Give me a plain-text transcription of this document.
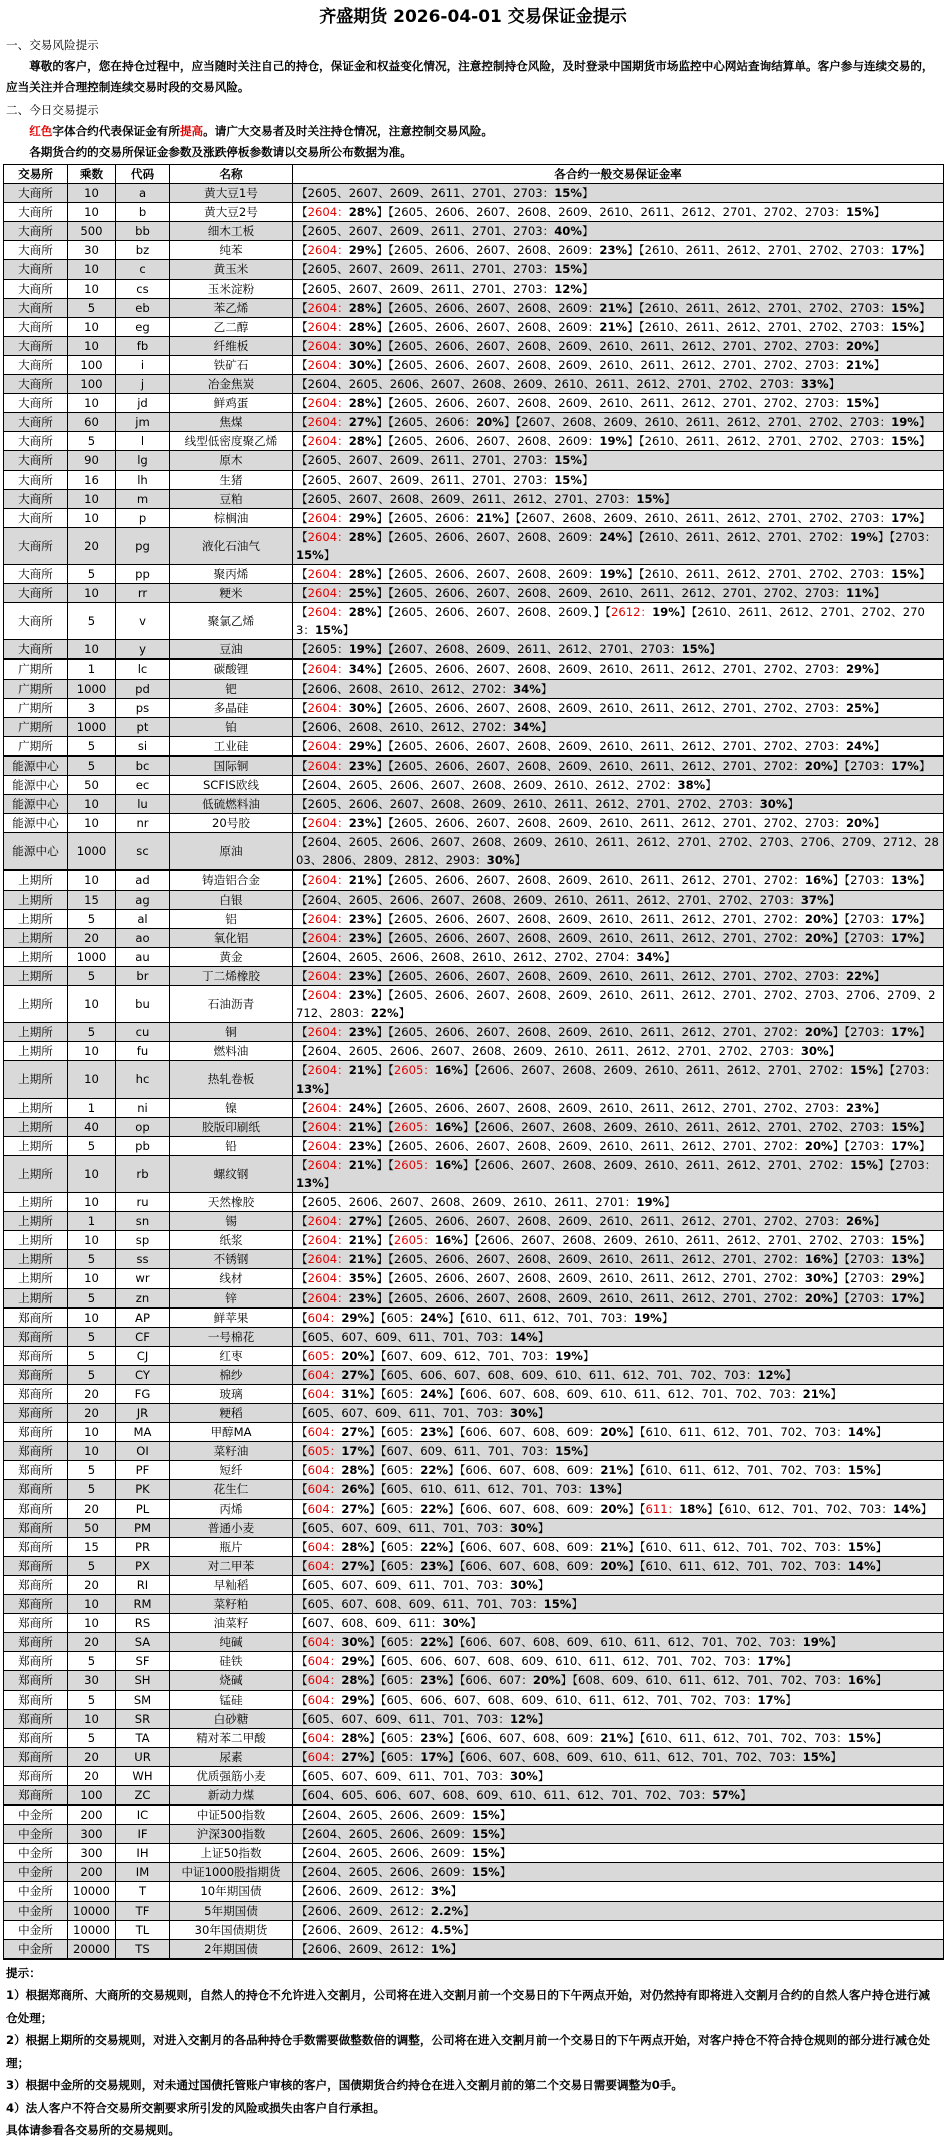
齐盛期货 2026-04-01 交易保证金提示
一、交易风险提示
尊敬的客户，您在持仓过程中，应当随时关注自己的持仓，保证金和权益变化情况，注意控制持仓风险，及时登录中国期货市场监控中心网站查询结算单。客户参与连续交易的，应当关注并合理控制连续交易时段的交易风险。
二、今日交易提示
红色字体合约代表保证金有所提高。请广大交易者及时关注持仓情况，注意控制交易风险。
各期货合约的交易所保证金参数及涨跌停板参数请以交易所公布数据为准。
交易所	乘数	代码	名称	各合约一般交易保证金率
大商所	10	a	黄大豆1号	【2605、2607、2609、2611、2701、2703：15%】
大商所	10	b	黄大豆2号	【2604：28%】【2605、2606、2607、2608、2609、2610、2611、2612、2701、2702、2703：15%】
大商所	500	bb	细木工板	【2605、2607、2609、2611、2701、2703：40%】
大商所	30	bz	纯苯	【2604：29%】【2605、2606、2607、2608、2609：23%】【2610、2611、2612、2701、2702、2703：17%】
大商所	10	c	黄玉米	【2605、2607、2609、2611、2701、2703：15%】
大商所	10	cs	玉米淀粉	【2605、2607、2609、2611、2701、2703：12%】
大商所	5	eb	苯乙烯	【2604：28%】【2605、2606、2607、2608、2609：21%】【2610、2611、2612、2701、2702、2703：15%】
大商所	10	eg	乙二醇	【2604：28%】【2605、2606、2607、2608、2609：21%】【2610、2611、2612、2701、2702、2703：15%】
大商所	10	fb	纤维板	【2604：30%】【2605、2606、2607、2608、2609、2610、2611、2612、2701、2702、2703：20%】
大商所	100	i	铁矿石	【2604：30%】【2605、2606、2607、2608、2609、2610、2611、2612、2701、2702、2703：21%】
大商所	100	j	冶金焦炭	【2604、2605、2606、2607、2608、2609、2610、2611、2612、2701、2702、2703：33%】
大商所	10	jd	鲜鸡蛋	【2604：28%】【2605、2606、2607、2608、2609、2610、2611、2612、2701、2702、2703：15%】
大商所	60	jm	焦煤	【2604：27%】【2605、2606：20%】【2607、2608、2609、2610、2611、2612、2701、2702、2703：19%】
大商所	5	l	线型低密度聚乙烯	【2604：28%】【2605、2606、2607、2608、2609：19%】【2610、2611、2612、2701、2702、2703：15%】
大商所	90	lg	原木	【2605、2607、2609、2611、2701、2703：15%】
大商所	16	lh	生猪	【2605、2607、2609、2611、2701、2703：15%】
大商所	10	m	豆粕	【2605、2607、2608、2609、2611、2612、2701、2703：15%】
大商所	10	p	棕榈油	【2604：29%】【2605、2606：21%】【2607、2608、2609、2610、2611、2612、2701、2702、2703：17%】
大商所	20	pg	液化石油气	【2604：28%】【2605、2606、2607、2608、2609：24%】【2610、2611、2612、2701、2702：19%】【2703：15%】
大商所	5	pp	聚丙烯	【2604：28%】【2605、2606、2607、2608、2609：19%】【2610、2611、2612、2701、2702、2703：15%】
大商所	10	rr	粳米	【2604：25%】【2605、2606、2607、2608、2609、2610、2611、2612、2701、2702、2703：11%】
大商所	5	v	聚氯乙烯	【2604：28%】【2605、2606、2607、2608、2609、】【2612：19%】【2610、2611、2612、2701、2702、2703：15%】
大商所	10	y	豆油	【2605：19%】【2607、2608、2609、2611、2612、2701、2703：15%】
广期所	1	lc	碳酸锂	【2604：34%】【2605、2606、2607、2608、2609、2610、2611、2612、2701、2702、2703：29%】
广期所	1000	pd	钯	【2606、2608、2610、2612、2702：34%】
广期所	3	ps	多晶硅	【2604：30%】【2605、2606、2607、2608、2609、2610、2611、2612、2701、2702、2703：25%】
广期所	1000	pt	铂	【2606、2608、2610、2612、2702：34%】
广期所	5	si	工业硅	【2604：29%】【2605、2606、2607、2608、2609、2610、2611、2612、2701、2702、2703：24%】
能源中心	5	bc	国际铜	【2604：23%】【2605、2606、2607、2608、2609、2610、2611、2612、2701、2702：20%】【2703：17%】
能源中心	50	ec	SCFIS欧线	【2604、2605、2606、2607、2608、2609、2610、2612、2702：38%】
能源中心	10	lu	低硫燃料油	【2605、2606、2607、2608、2609、2610、2611、2612、2701、2702、2703：30%】
能源中心	10	nr	20号胶	【2604：23%】【2605、2606、2607、2608、2609、2610、2611、2612、2701、2702、2703：20%】
能源中心	1000	sc	原油	【2604、2605、2606、2607、2608、2609、2610、2611、2612、2701、2702、2703、2706、2709、2712、2803、2806、2809、2812、2903：30%】
上期所	10	ad	铸造铝合金	【2604：21%】【2605、2606、2607、2608、2609、2610、2611、2612、2701、2702：16%】【2703：13%】
上期所	15	ag	白银	【2604、2605、2606、2607、2608、2609、2610、2611、2612、2701、2702、2703：37%】
上期所	5	al	铝	【2604：23%】【2605、2606、2607、2608、2609、2610、2611、2612、2701、2702：20%】【2703：17%】
上期所	20	ao	氧化铝	【2604：23%】【2605、2606、2607、2608、2609、2610、2611、2612、2701、2702：20%】【2703：17%】
上期所	1000	au	黄金	【2604、2605、2606、2608、2610、2612、2702、2704：34%】
上期所	5	br	丁二烯橡胶	【2604：23%】【2605、2606、2607、2608、2609、2610、2611、2612、2701、2702、2703：22%】
上期所	10	bu	石油沥青	【2604：23%】【2605、2606、2607、2608、2609、2610、2611、2612、2701、2702、2703、2706、2709、2712、2803：22%】
上期所	5	cu	铜	【2604：23%】【2605、2606、2607、2608、2609、2610、2611、2612、2701、2702：20%】【2703：17%】
上期所	10	fu	燃料油	【2604、2605、2606、2607、2608、2609、2610、2611、2612、2701、2702、2703：30%】
上期所	10	hc	热轧卷板	【2604：21%】【2605：16%】【2606、2607、2608、2609、2610、2611、2612、2701、2702：15%】【2703：13%】
上期所	1	ni	镍	【2604：24%】【2605、2606、2607、2608、2609、2610、2611、2612、2701、2702、2703：23%】
上期所	40	op	胶版印刷纸	【2604：21%】【2605：16%】【2606、2607、2608、2609、2610、2611、2612、2701、2702、2703：15%】
上期所	5	pb	铅	【2604：23%】【2605、2606、2607、2608、2609、2610、2611、2612、2701、2702：20%】【2703：17%】
上期所	10	rb	螺纹钢	【2604：21%】【2605：16%】【2606、2607、2608、2609、2610、2611、2612、2701、2702：15%】【2703：13%】
上期所	10	ru	天然橡胶	【2605、2606、2607、2608、2609、2610、2611、2701：19%】
上期所	1	sn	锡	【2604：27%】【2605、2606、2607、2608、2609、2610、2611、2612、2701、2702、2703：26%】
上期所	10	sp	纸浆	【2604：21%】【2605：16%】【2606、2607、2608、2609、2610、2611、2612、2701、2702、2703：15%】
上期所	5	ss	不锈钢	【2604：21%】【2605、2606、2607、2608、2609、2610、2611、2612、2701、2702：16%】【2703：13%】
上期所	10	wr	线材	【2604：35%】【2605、2606、2607、2608、2609、2610、2611、2612、2701、2702：30%】【2703：29%】
上期所	5	zn	锌	【2604：23%】【2605、2606、2607、2608、2609、2610、2611、2612、2701、2702：20%】【2703：17%】
郑商所	10	AP	鲜苹果	【604：29%】【605：24%】【610、611、612、701、703：19%】
郑商所	5	CF	一号棉花	【605、607、609、611、701、703：14%】
郑商所	5	CJ	红枣	【605：20%】【607、609、612、701、703：19%】
郑商所	5	CY	棉纱	【604：27%】【605、606、607、608、609、610、611、612、701、702、703：12%】
郑商所	20	FG	玻璃	【604：31%】【605：24%】【606、607、608、609、610、611、612、701、702、703：21%】
郑商所	20	JR	粳稻	【605、607、609、611、701、703：30%】
郑商所	10	MA	甲醇MA	【604：27%】【605：23%】【606、607、608、609：20%】【610、611、612、701、702、703：14%】
郑商所	10	OI	菜籽油	【605：17%】【607、609、611、701、703：15%】
郑商所	5	PF	短纤	【604：28%】【605：22%】【606、607、608、609：21%】【610、611、612、701、702、703：15%】
郑商所	5	PK	花生仁	【604：26%】【605、610、611、612、701、703：13%】
郑商所	20	PL	丙烯	【604：27%】【605：22%】【606、607、608、609：20%】【611：18%】【610、612、701、702、703：14%】
郑商所	50	PM	普通小麦	【605、607、609、611、701、703：30%】
郑商所	15	PR	瓶片	【604：28%】【605：22%】【606、607、608、609：21%】【610、611、612、701、702、703：15%】
郑商所	5	PX	对二甲苯	【604：27%】【605：23%】【606、607、608、609：20%】【610、611、612、701、702、703：14%】
郑商所	20	RI	早籼稻	【605、607、609、611、701、703：30%】
郑商所	10	RM	菜籽粕	【605、607、608、609、611、701、703：15%】
郑商所	10	RS	油菜籽	【607、608、609、611：30%】
郑商所	20	SA	纯碱	【604：30%】【605：22%】【606、607、608、609、610、611、612、701、702、703：19%】
郑商所	5	SF	硅铁	【604：29%】【605、606、607、608、609、610、611、612、701、702、703：17%】
郑商所	30	SH	烧碱	【604：28%】【605：23%】【606、607：20%】【608、609、610、611、612、701、702、703：16%】
郑商所	5	SM	锰硅	【604：29%】【605、606、607、608、609、610、611、612、701、702、703：17%】
郑商所	10	SR	白砂糖	【605、607、609、611、701、703：12%】
郑商所	5	TA	精对苯二甲酸	【604：28%】【605：23%】【606、607、608、609：21%】【610、611、612、701、702、703：15%】
郑商所	20	UR	尿素	【604：27%】【605：17%】【606、607、608、609、610、611、612、701、702、703：15%】
郑商所	20	WH	优质强筋小麦	【605、607、609、611、701、703：30%】
郑商所	100	ZC	新动力煤	【604、605、606、607、608、609、610、611、612、701、702、703：57%】
中金所	200	IC	中证500指数	【2604、2605、2606、2609：15%】
中金所	300	IF	沪深300指数	【2604、2605、2606、2609：15%】
中金所	300	IH	上证50指数	【2604、2605、2606、2609：15%】
中金所	200	IM	中证1000股指期货	【2604、2605、2606、2609：15%】
中金所	10000	T	10年期国债	【2606、2609、2612：3%】
中金所	10000	TF	5年期国债	【2606、2609、2612：2.2%】
中金所	10000	TL	30年国债期货	【2606、2609、2612：4.5%】
中金所	20000	TS	2年期国债	【2606、2609、2612：1%】
提示：
1）根据郑商所、大商所的交易规则，自然人的持仓不允许进入交割月，公司将在进入交割月前一个交易日的下午两点开始，对仍然持有即将进入交割月合约的自然人客户持仓进行减仓处理；
2）根据上期所的交易规则，对进入交割月的各品种持仓手数需要做整数倍的调整，公司将在进入交割月前一个交易日的下午两点开始，对客户持仓不符合持仓规则的部分进行减仓处理；
3）根据中金所的交易规则，对未通过国债托管账户审核的客户，国债期货合约持仓在进入交割月前的第二个交易日需要调整为0手。
4）法人客户不符合交易所交割要求所引发的风险或损失由客户自行承担。
具体请参看各交易所的交易规则。
